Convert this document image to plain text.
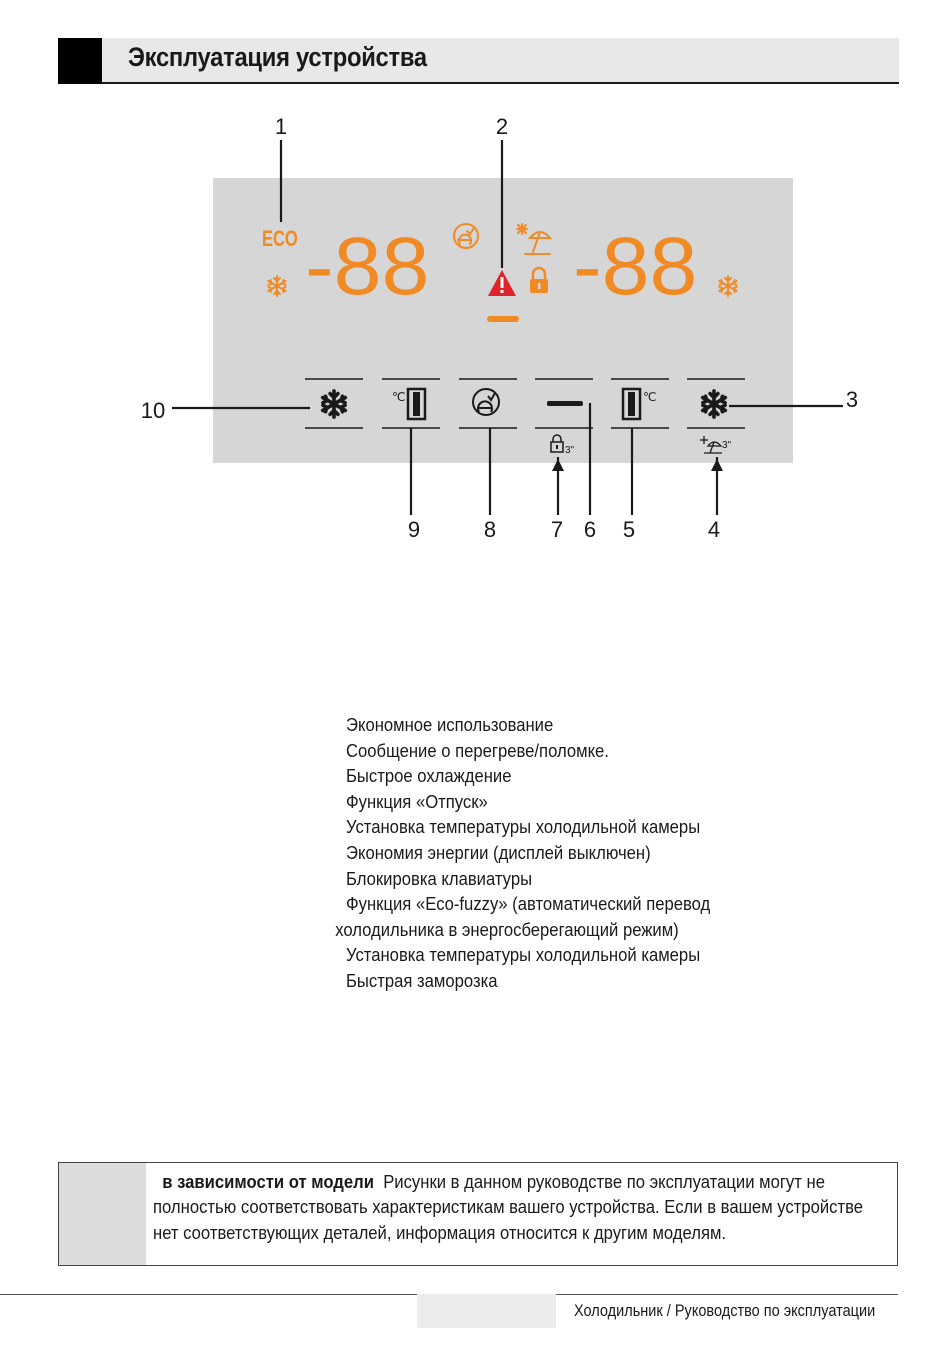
Эксплуатация устройства
1	2
3
4
5
6
7
8
9
10
ECO -88 -88
℃
3"
℃
3"
Экономное использование
Сообщение о перегреве/поломке.
Быстрое охлаждение
Функция «Отпуск»
Установка температуры холодильной камеры
Экономия энергии (дисплей выключен)
Блокировка клавиатуры
Функция «Eco-fuzzy» (автоматический перевод
холодильника в энергосберегающий режим)
Установка температуры холодильной камеры
Быстрая заморозка
в зависимости от модели Рисунки в данном руководстве по эксплуатации могут не полностью соответствовать характеристикам вашего устройства. Если в вашем устройстве нет соответствующих деталей, информация относится к другим моделям.
Холодильник / Руководство по эксплуатации
